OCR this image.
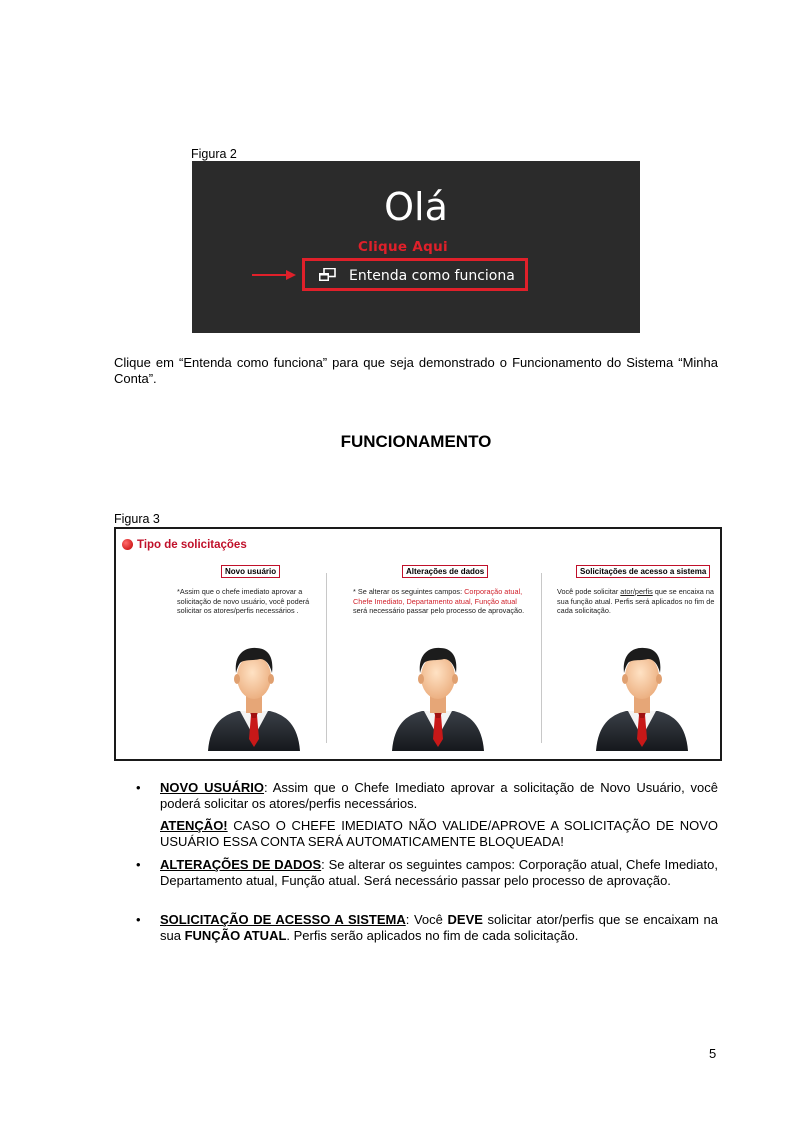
Figura 2
Olá
Clique Aqui
Entenda como funciona
Clique em “Entenda como funciona” para que seja demonstrado o Funcionamento do Sistema “Minha Conta”.
FUNCIONAMENTO
Figura 3
Tipo de solicitações
Novo usuário
*Assim que o chefe imediato aprovar a solicitação de novo usuário, você poderá solicitar os atores/perfis necessários .
Alterações de dados
* Se alterar os seguintes campos: Corporação atual, Chefe Imediato, Departamento atual, Função atual será necessário passar pelo processo de aprovação.
Solicitações de acesso a sistema
Você pode solicitar ator/perfis que se encaixa na sua função atual. Perfis será aplicados no fim de cada solicitação.
• NOVO USUÁRIO: Assim que o Chefe Imediato aprovar a solicitação de Novo Usuário, você poderá solicitar os atores/perfis necessários.
ATENÇÃO! CASO O CHEFE IMEDIATO NÃO VALIDE/APROVE A SOLICITAÇÃO DE NOVO USUÁRIO ESSA CONTA SERÁ AUTOMATICAMENTE BLOQUEADA!
• ALTERAÇÕES DE DADOS: Se alterar os seguintes campos: Corporação atual, Chefe Imediato, Departamento atual, Função atual. Será necessário passar pelo processo de aprovação.
• SOLICITAÇÃO DE ACESSO A SISTEMA: Você DEVE solicitar ator/perfis que se encaixam na sua FUNÇÃO ATUAL. Perfis serão aplicados no fim de cada solicitação.
5
